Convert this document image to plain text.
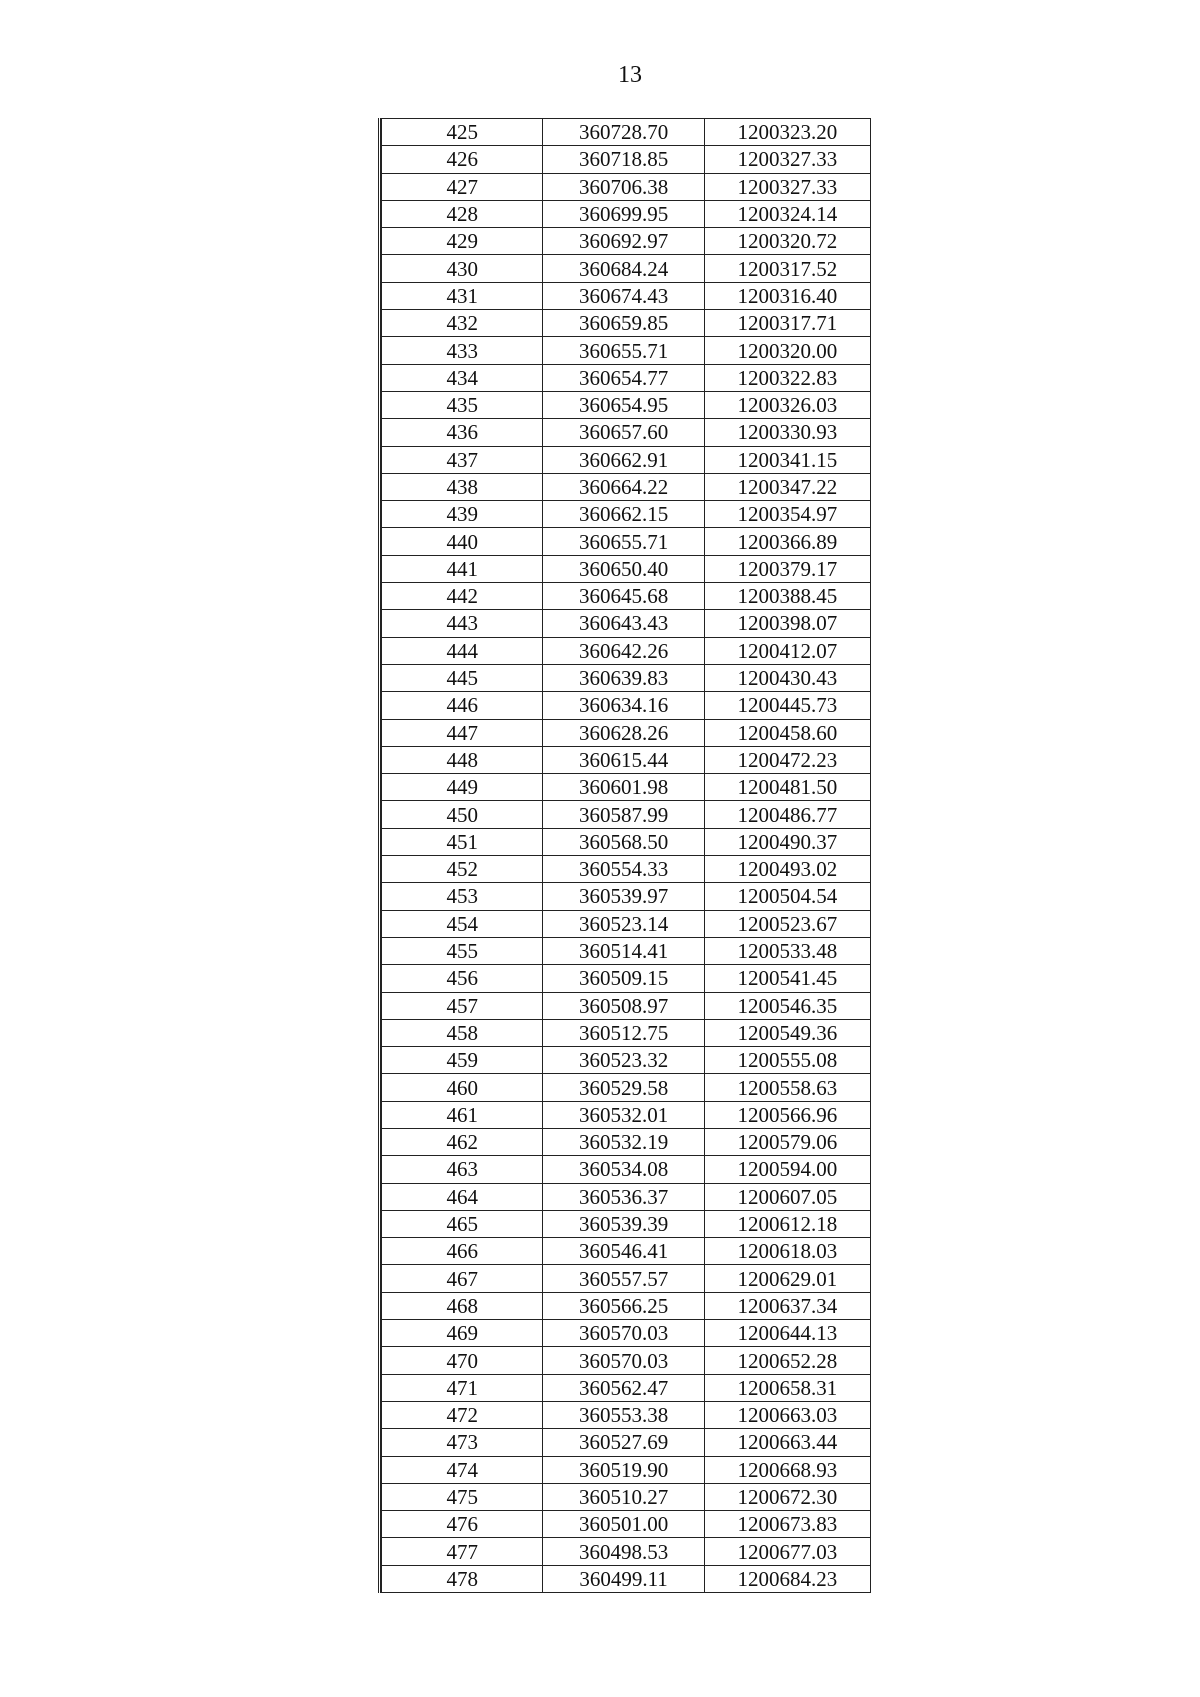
13
425	360728.70	1200323.20
426	360718.85	1200327.33
427	360706.38	1200327.33
428	360699.95	1200324.14
429	360692.97	1200320.72
430	360684.24	1200317.52
431	360674.43	1200316.40
432	360659.85	1200317.71
433	360655.71	1200320.00
434	360654.77	1200322.83
435	360654.95	1200326.03
436	360657.60	1200330.93
437	360662.91	1200341.15
438	360664.22	1200347.22
439	360662.15	1200354.97
440	360655.71	1200366.89
441	360650.40	1200379.17
442	360645.68	1200388.45
443	360643.43	1200398.07
444	360642.26	1200412.07
445	360639.83	1200430.43
446	360634.16	1200445.73
447	360628.26	1200458.60
448	360615.44	1200472.23
449	360601.98	1200481.50
450	360587.99	1200486.77
451	360568.50	1200490.37
452	360554.33	1200493.02
453	360539.97	1200504.54
454	360523.14	1200523.67
455	360514.41	1200533.48
456	360509.15	1200541.45
457	360508.97	1200546.35
458	360512.75	1200549.36
459	360523.32	1200555.08
460	360529.58	1200558.63
461	360532.01	1200566.96
462	360532.19	1200579.06
463	360534.08	1200594.00
464	360536.37	1200607.05
465	360539.39	1200612.18
466	360546.41	1200618.03
467	360557.57	1200629.01
468	360566.25	1200637.34
469	360570.03	1200644.13
470	360570.03	1200652.28
471	360562.47	1200658.31
472	360553.38	1200663.03
473	360527.69	1200663.44
474	360519.90	1200668.93
475	360510.27	1200672.30
476	360501.00	1200673.83
477	360498.53	1200677.03
478	360499.11	1200684.23
